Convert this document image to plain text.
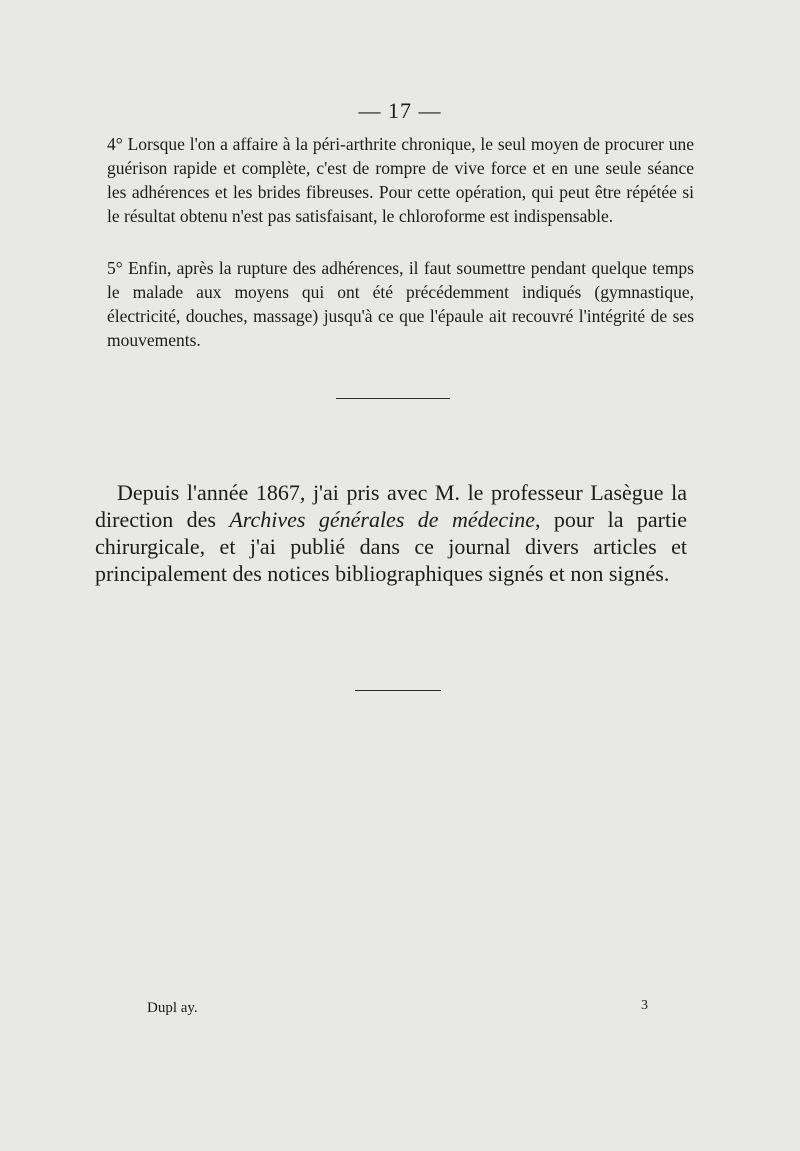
— 17 —

4° Lorsque l'on a affaire à la péri-arthrite chronique, le seul moyen de procurer une guérison rapide et complète, c'est de rompre de vive force et en une seule séance les adhérences et les brides fibreuses. Pour cette opération, qui peut être répétée si le résultat obtenu n'est pas satisfaisant, le chloroforme est indispensable.

5° Enfin, après la rupture des adhérences, il faut soumettre pendant quelque temps le malade aux moyens qui ont été précédemment indiqués (gymnastique, électricité, douches, massage) jusqu'à ce que l'épaule ait recouvré l'intégrité de ses mouvements.

Depuis l'année 1867, j'ai pris avec M. le professeur Lasègue la direction des Archives générales de médecine, pour la partie chirurgicale, et j'ai publié dans ce journal divers articles et principalement des notices bibliographiques signés et non signés.

Dupl ay.	3
